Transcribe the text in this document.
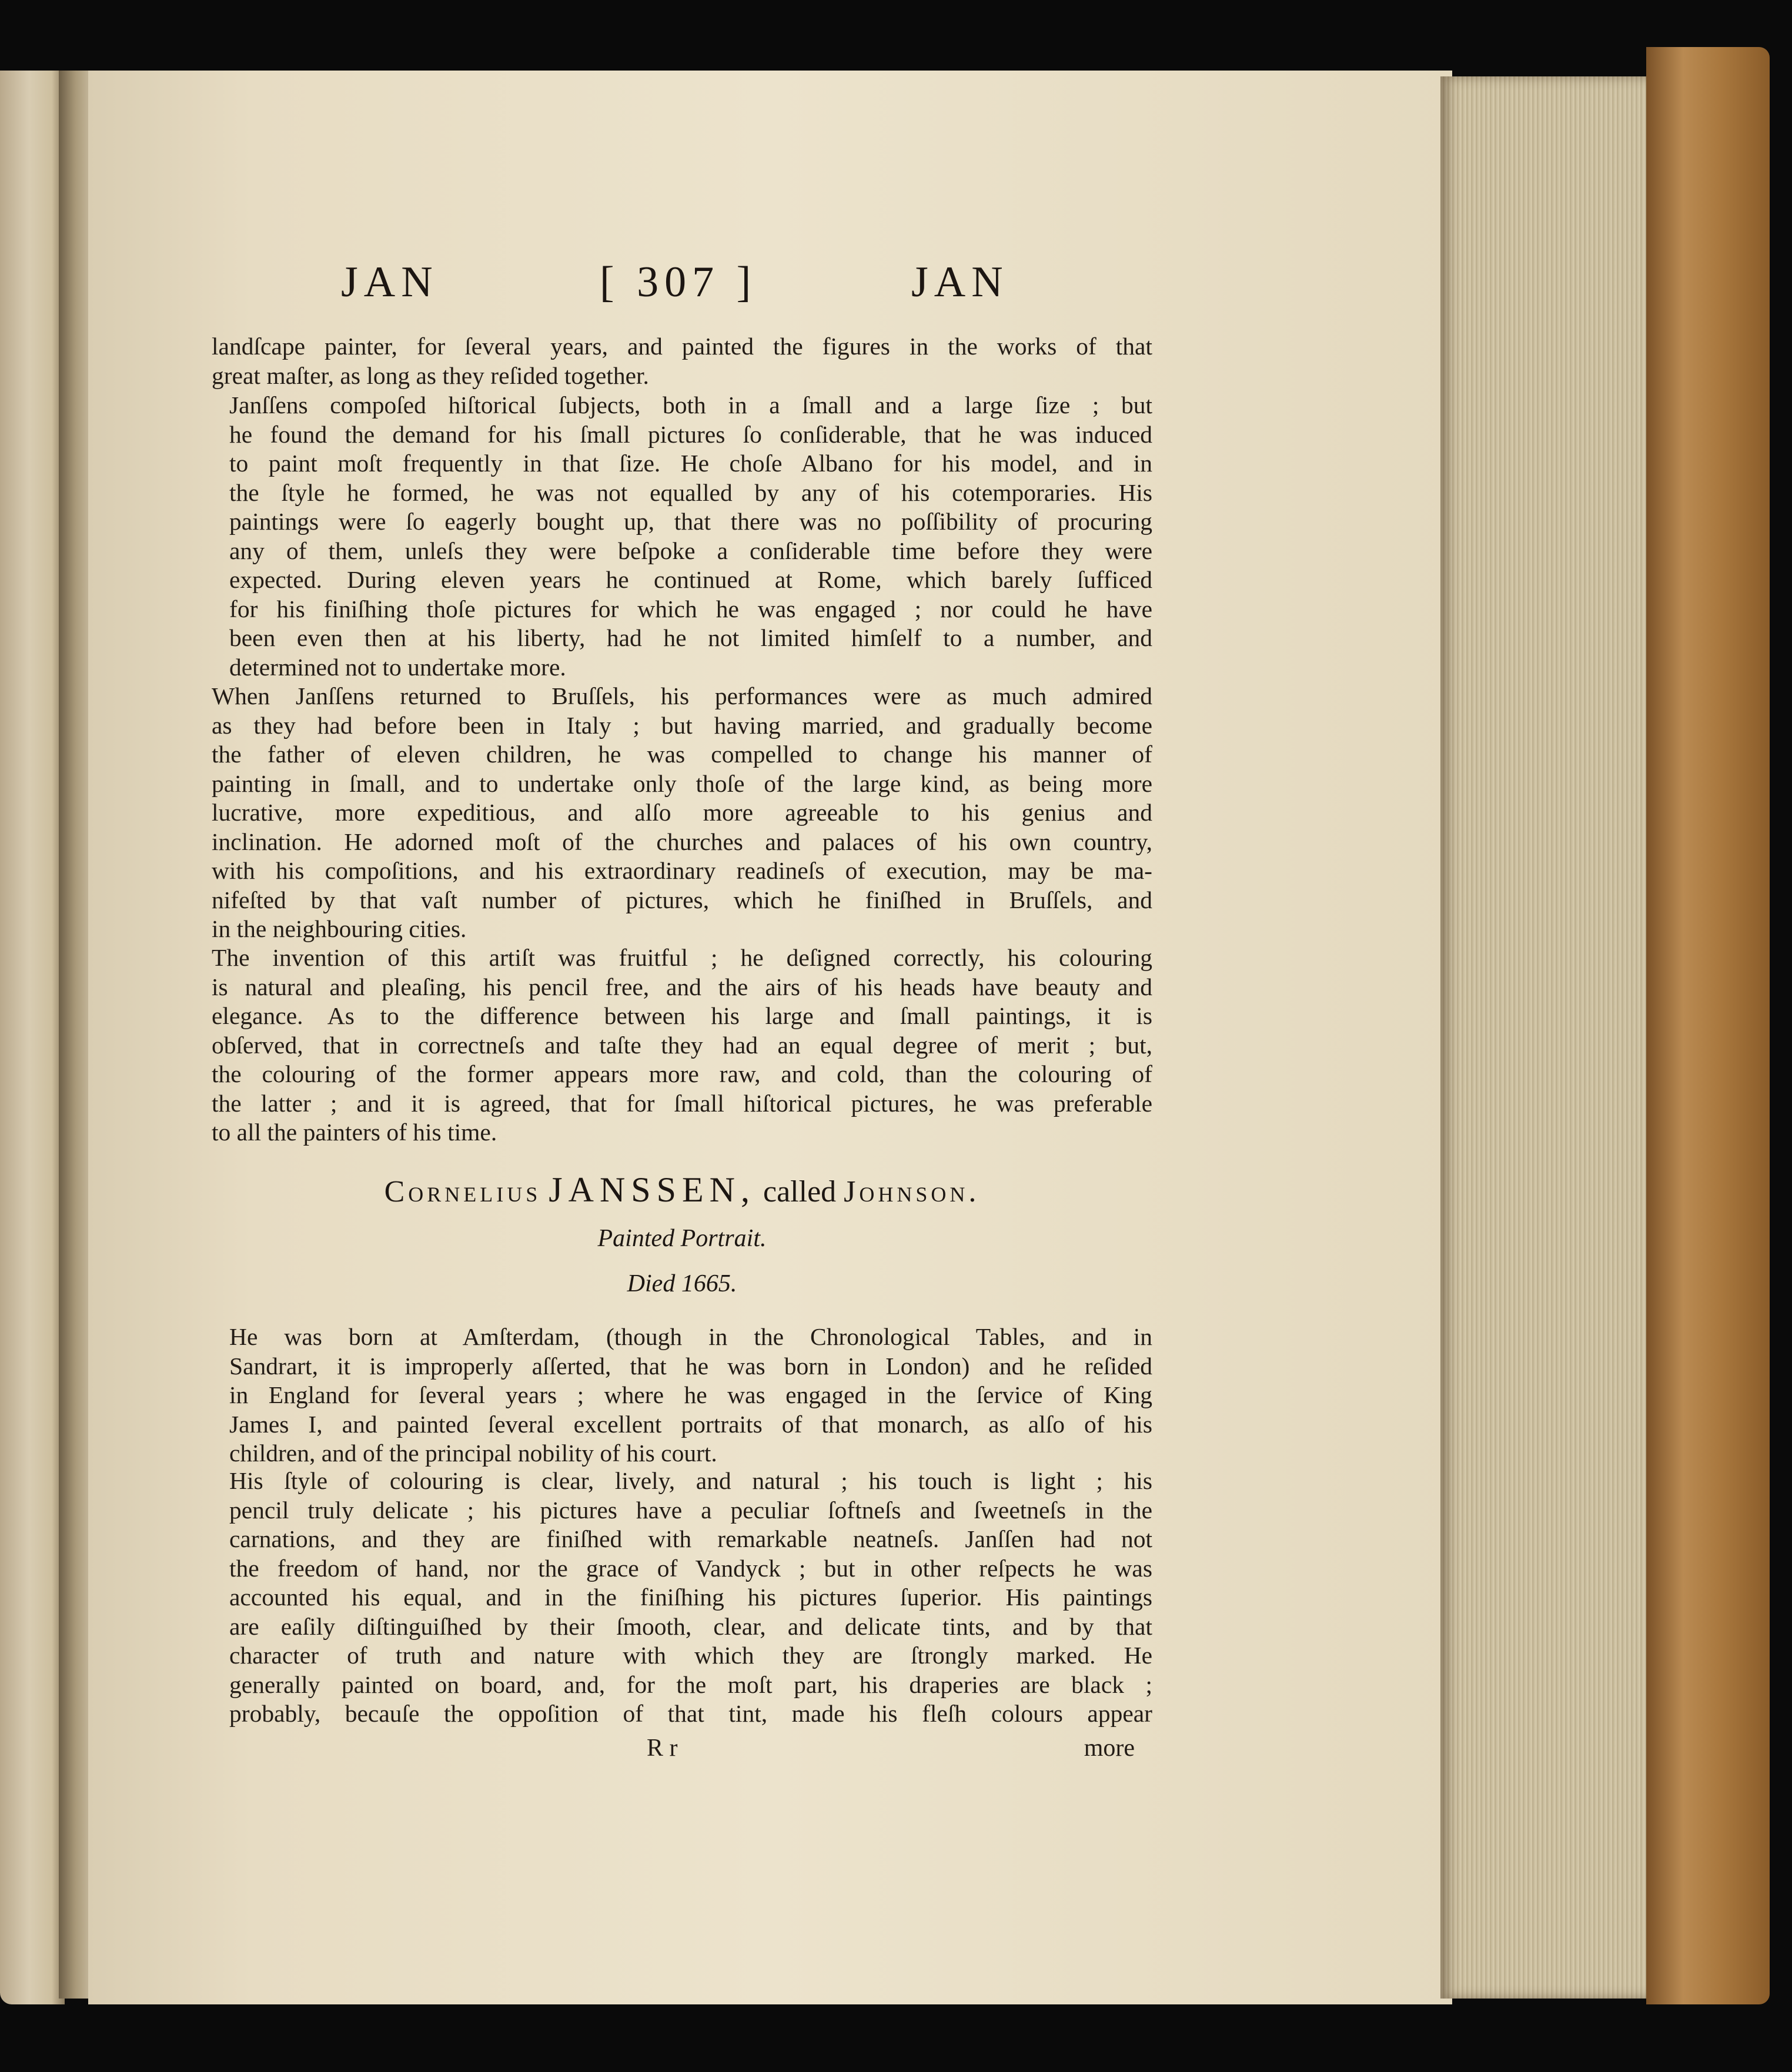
JAN	[ 307 ]	JAN
landſcape painter, for ſeveral years, and painted the figures in the works of that
great maſter, as long as they reſided together.
Janſſens compoſed hiſtorical ſubjects, both in a ſmall and a large ſize ; but
he found the demand for his ſmall pictures ſo conſiderable, that he was induced
to paint moſt frequently in that ſize. He choſe Albano for his model, and in
the ſtyle he formed, he was not equalled by any of his cotemporaries. His
paintings were ſo eagerly bought up, that there was no poſſibility of procuring
any of them, unleſs they were beſpoke a conſiderable time before they were
expected. During eleven years he continued at Rome, which barely ſufficed
for his finiſhing thoſe pictures for which he was engaged ; nor could he have
been even then at his liberty, had he not limited himſelf to a number, and
determined not to undertake more.
When Janſſens returned to Bruſſels, his performances were as much admired
as they had before been in Italy ; but having married, and gradually become
the father of eleven children, he was compelled to change his manner of
painting in ſmall, and to undertake only thoſe of the large kind, as being more
lucrative, more expeditious, and alſo more agreeable to his genius and
inclination. He adorned moſt of the churches and palaces of his own country,
with his compoſitions, and his extraordinary readineſs of execution, may be ma-
nifeſted by that vaſt number of pictures, which he finiſhed in Bruſſels, and
in the neighbouring cities.
The invention of this artiſt was fruitful ; he deſigned correctly, his colouring
is natural and pleaſing, his pencil free, and the airs of his heads have beauty and
elegance. As to the difference between his large and ſmall paintings, it is
obſerved, that in correctneſs and taſte they had an equal degree of merit ; but,
the colouring of the former appears more raw, and cold, than the colouring of
the latter ; and it is agreed, that for ſmall hiſtorical pictures, he was preferable
to all the painters of his time.
Cornelius JANSSEN, called Johnson.
Painted Portrait.
Died 1665.
He was born at Amſterdam, (though in the Chronological Tables, and in
Sandrart, it is improperly aſſerted, that he was born in London) and he reſided
in England for ſeveral years ; where he was engaged in the ſervice of King
James I, and painted ſeveral excellent portraits of that monarch, as alſo of his
children, and of the principal nobility of his court.
His ſtyle of colouring is clear, lively, and natural ; his touch is light ; his
pencil truly delicate ; his pictures have a peculiar ſoftneſs and ſweetneſs in the
carnations, and they are finiſhed with remarkable neatneſs. Janſſen had not
the freedom of hand, nor the grace of Vandyck ; but in other reſpects he was
accounted his equal, and in the finiſhing his pictures ſuperior. His paintings
are eaſily diſtinguiſhed by their ſmooth, clear, and delicate tints, and by that
character of truth and nature with which they are ſtrongly marked. He
generally painted on board, and, for the moſt part, his draperies are black ;
probably, becauſe the oppoſition of that tint, made his fleſh colours appear
R r	more
